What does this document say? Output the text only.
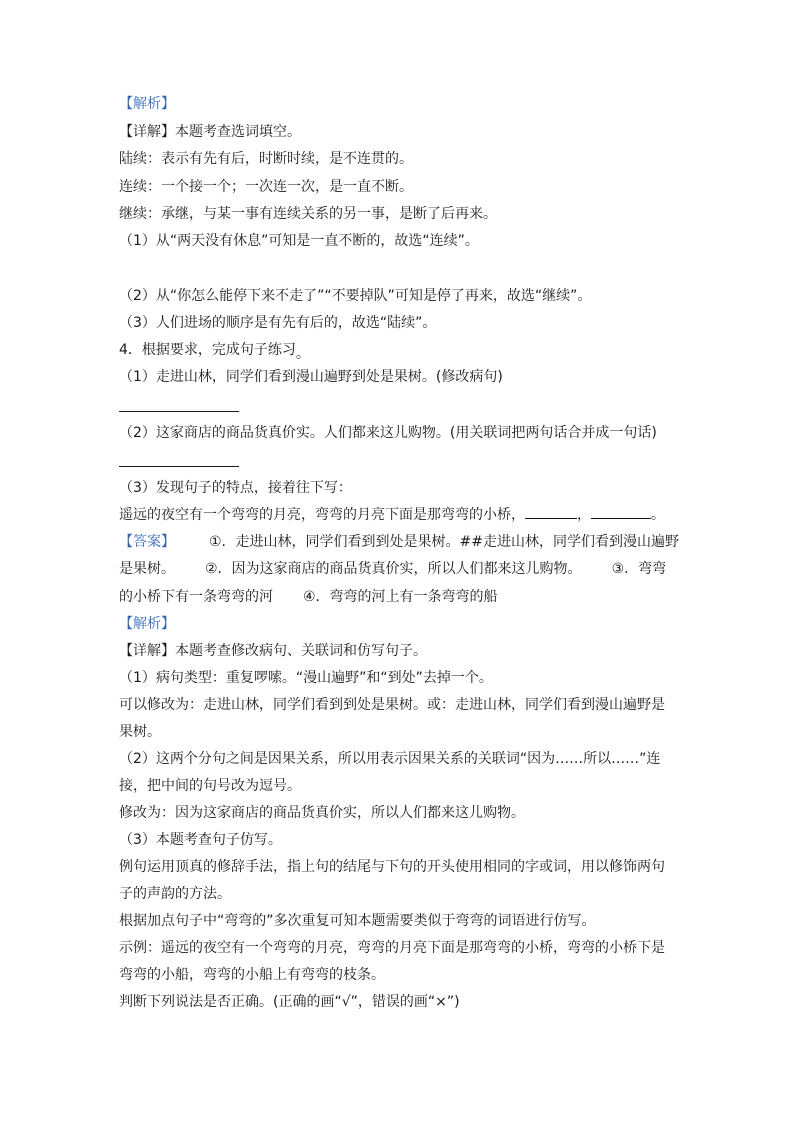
【解析】
【详解】本题考查选词填空。
陆续：表示有先有后，时断时续，是不连贯的。
连续：一个接一个；一次连一次，是一直不断。
继续：承继，与某一事有连续关系的另一事，是断了后再来。
（1）从“两天没有休息”可知是一直不断的，故选“连续”。
（2）从“你怎么能停下来不走了”“不要掉队”可知是停了再来，故选“继续”。
（3）人们进场的顺序是有先有后的，故选“陆续”。
4．根据要求，完成句子练习。
（1）走进山林，同学们看到漫山遍野到处是果树。(修改病句)
（2）这家商店的商品货真价实。人们都来这儿购物。(用关联词把两句话合并成一句话)
（3）发现句子的特点，接着往下写：
遥远的夜空有一个弯弯的月亮，弯弯的月亮下面是那弯弯的小桥，	，	。
【答案】 ①．走进山林，同学们看到到处是果树。##走进山林，同学们看到漫山遍野
是果树。 ②．因为这家商店的商品货真价实，所以人们都来这儿购物。 ③．弯弯
的小桥下有一条弯弯的河 ④．弯弯的河上有一条弯弯的船
【解析】
【详解】本题考查修改病句、关联词和仿写句子。
（1）病句类型：重复啰嗦。“漫山遍野”和“到处”去掉一个。
可以修改为：走进山林，同学们看到到处是果树。或：走进山林，同学们看到漫山遍野是
果树。
（2）这两个分句之间是因果关系，所以用表示因果关系的关联词“因为……所以……”连
接，把中间的句号改为逗号。
修改为：因为这家商店的商品货真价实，所以人们都来这儿购物。
（3）本题考查句子仿写。
例句运用顶真的修辞手法，指上句的结尾与下句的开头使用相同的字或词，用以修饰两句
子的声韵的方法。
根据加点句子中“弯弯的”多次重复可知本题需要类似于弯弯的词语进行仿写。
示例：遥远的夜空有一个弯弯的月亮，弯弯的月亮下面是那弯弯的小桥，弯弯的小桥下是
弯弯的小船，弯弯的小船上有弯弯的枝条。
判断下列说法是否正确。(正确的画“√”，错误的画“×”)
